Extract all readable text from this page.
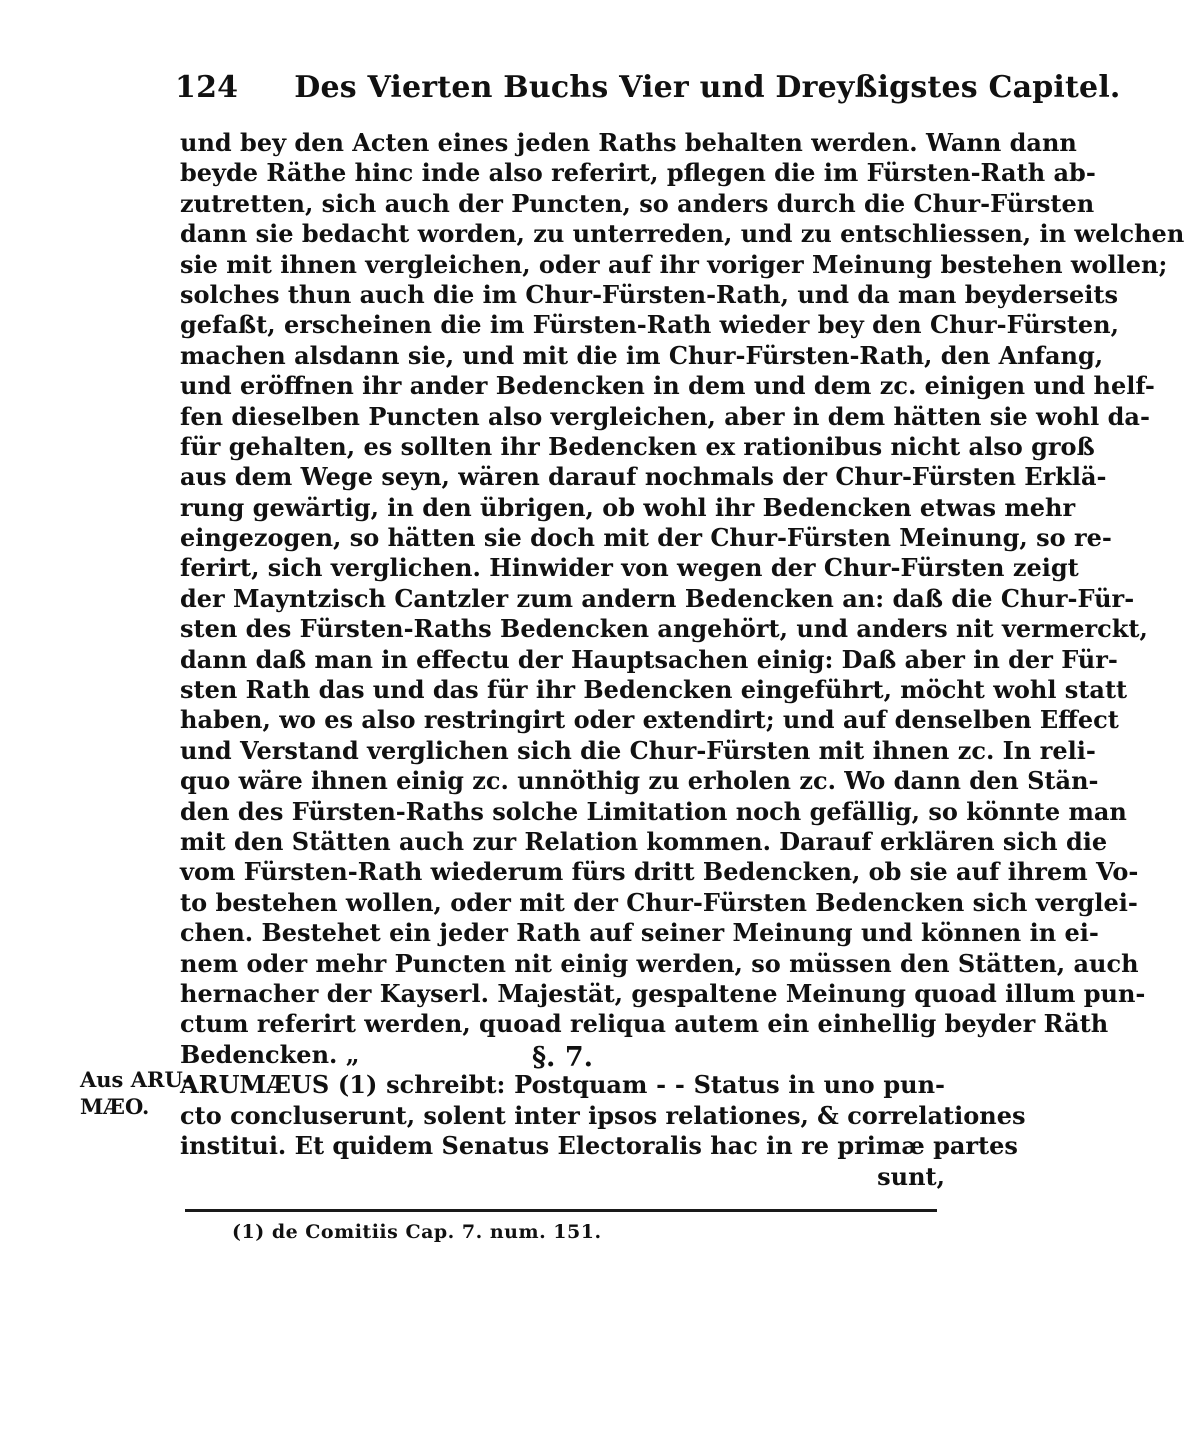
124 Des Vierten Buchs Vier und Dreyßigstes Capitel.
und bey den Acten eines jeden Raths behalten werden. Wann dann
beyde Räthe hinc inde also referirt, pflegen die im Fürsten-Rath ab-
zutretten, sich auch der Puncten, so anders durch die Chur-Fürsten
dann sie bedacht worden, zu unterreden, und zu entschliessen, in welchen
sie mit ihnen vergleichen, oder auf ihr voriger Meinung bestehen wollen;
solches thun auch die im Chur-Fürsten-Rath, und da man beyderseits
gefaßt, erscheinen die im Fürsten-Rath wieder bey den Chur-Fürsten,
machen alsdann sie, und mit die im Chur-Fürsten-Rath, den Anfang,
und eröffnen ihr ander Bedencken in dem und dem zc. einigen und helf-
fen dieselben Puncten also vergleichen, aber in dem hätten sie wohl da-
für gehalten, es sollten ihr Bedencken ex rationibus nicht also groß
aus dem Wege seyn, wären darauf nochmals der Chur-Fürsten Erklä-
rung gewärtig, in den übrigen, ob wohl ihr Bedencken etwas mehr
eingezogen, so hätten sie doch mit der Chur-Fürsten Meinung, so re-
ferirt, sich verglichen. Hinwider von wegen der Chur-Fürsten zeigt
der Mayntzisch Cantzler zum andern Bedencken an: daß die Chur-Für-
sten des Fürsten-Raths Bedencken angehört, und anders nit vermerckt,
dann daß man in effectu der Hauptsachen einig: Daß aber in der Für-
sten Rath das und das für ihr Bedencken eingeführt, möcht wohl statt
haben, wo es also restringirt oder extendirt; und auf denselben Effect
und Verstand verglichen sich die Chur-Fürsten mit ihnen zc. In reli-
quo wäre ihnen einig zc. unnöthig zu erholen zc. Wo dann den Stän-
den des Fürsten-Raths solche Limitation noch gefällig, so könnte man
mit den Stätten auch zur Relation kommen. Darauf erklären sich die
vom Fürsten-Rath wiederum fürs dritt Bedencken, ob sie auf ihrem Vo-
to bestehen wollen, oder mit der Chur-Fürsten Bedencken sich verglei-
chen. Bestehet ein jeder Rath auf seiner Meinung und können in ei-
nem oder mehr Puncten nit einig werden, so müssen den Stätten, auch
hernacher der Kayserl. Majestät, gespaltene Meinung quoad illum pun-
ctum referirt werden, quoad reliqua autem ein einhellig beyder Räth
Bedencken. „	§. 7.
Aus ARU-
MÆO.
ARUMÆUS (1) schreibt: Postquam - - Status in uno pun-
cto concluserunt, solent inter ipsos relationes, & correlationes
institui. Et quidem Senatus Electoralis hac in re primæ partes
sunt,
(1) de Comitiis Cap. 7. num. 151.
